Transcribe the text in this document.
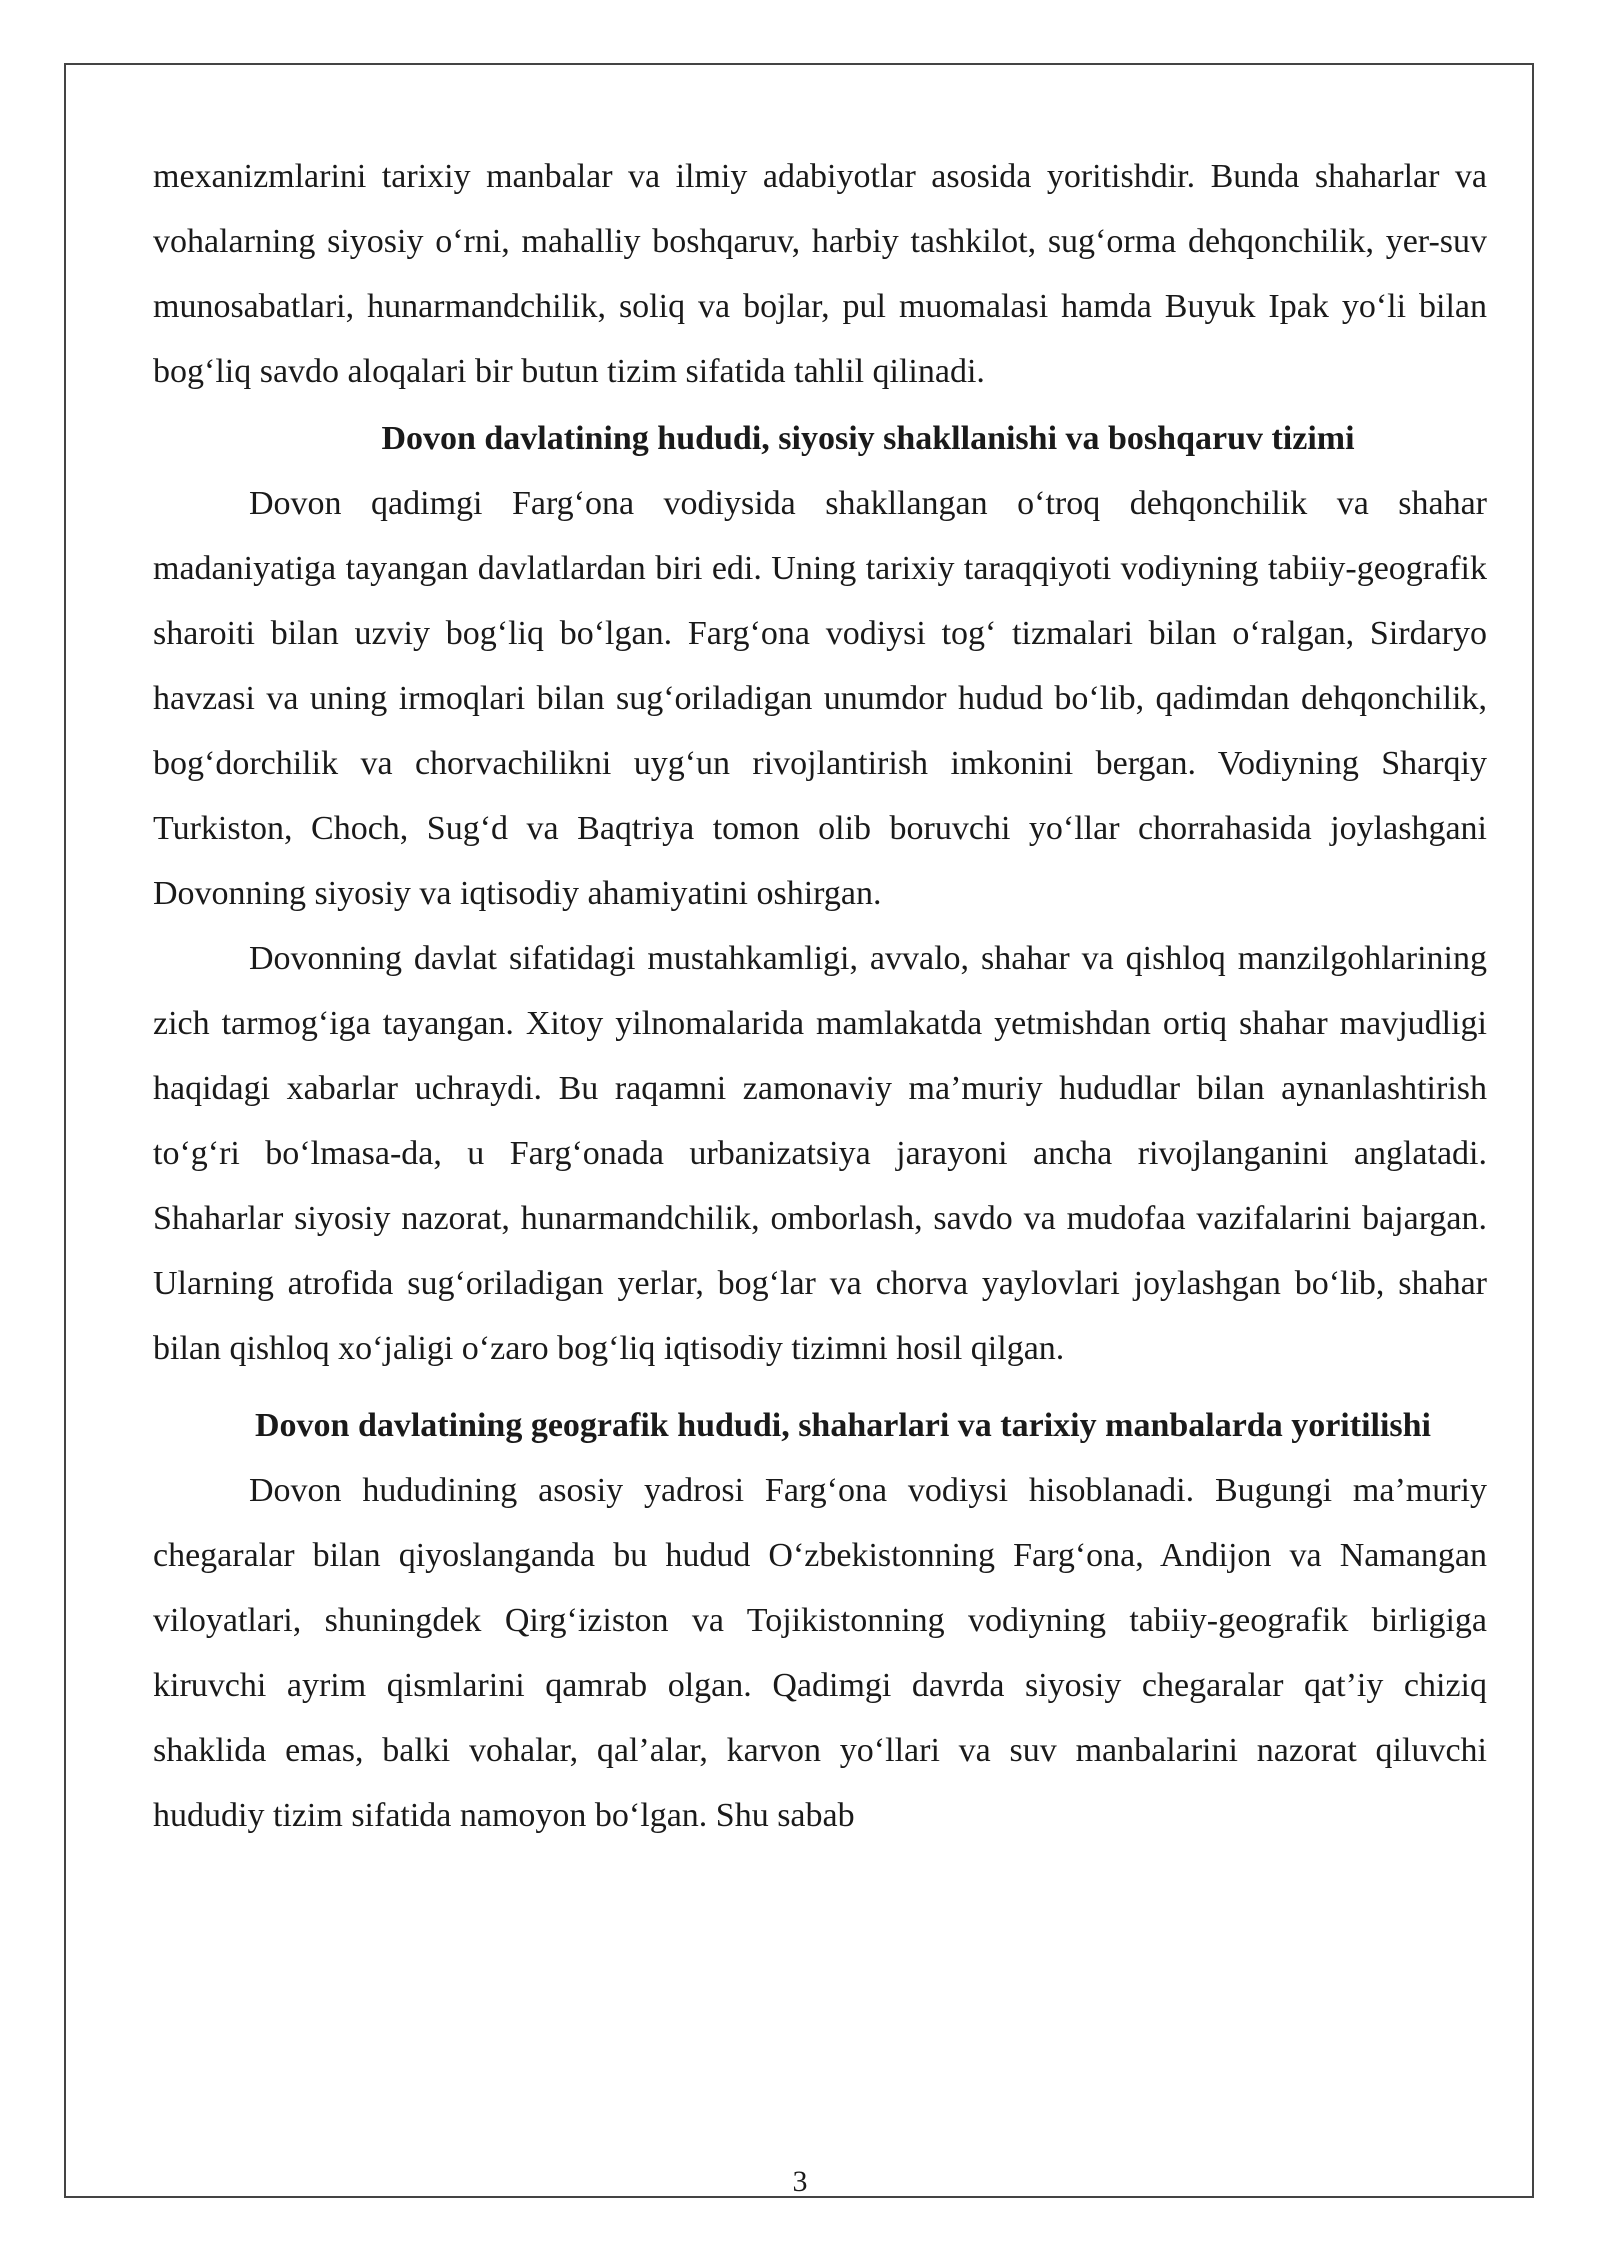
mexanizmlarini tarixiy manbalar va ilmiy adabiyotlar asosida yoritishdir. Bunda shaharlar va vohalarning siyosiy o‘rni, mahalliy boshqaruv, harbiy tashkilot, sug‘orma dehqonchilik, yer-suv munosabatlari, hunarmandchilik, soliq va bojlar, pul muomalasi hamda Buyuk Ipak yo‘li bilan bog‘liq savdo aloqalari bir butun tizim sifatida tahlil qilinadi.

Dovon davlatining hududi, siyosiy shakllanishi va boshqaruv tizimi

Dovon qadimgi Farg‘ona vodiysida shakllangan o‘troq dehqonchilik va shahar madaniyatiga tayangan davlatlardan biri edi. Uning tarixiy taraqqiyoti vodiyning tabiiy-geografik sharoiti bilan uzviy bog‘liq bo‘lgan. Farg‘ona vodiysi tog‘ tizmalari bilan o‘ralgan, Sirdaryo havzasi va uning irmoqlari bilan sug‘oriladigan unumdor hudud bo‘lib, qadimdan dehqonchilik, bog‘dorchilik va chorvachilikni uyg‘un rivojlantirish imkonini bergan. Vodiyning Sharqiy Turkiston, Choch, Sug‘d va Baqtriya tomon olib boruvchi yo‘llar chorrahasida joylashgani Dovonning siyosiy va iqtisodiy ahamiyatini oshirgan.

Dovonning davlat sifatidagi mustahkamligi, avvalo, shahar va qishloq manzilgohlarining zich tarmog‘iga tayangan. Xitoy yilnomalarida mamlakatda yetmishdan ortiq shahar mavjudligi haqidagi xabarlar uchraydi. Bu raqamni zamonaviy ma’muriy hududlar bilan aynanlashtirish to‘g‘ri bo‘lmasa-da, u Farg‘onada urbanizatsiya jarayoni ancha rivojlanganini anglatadi. Shaharlar siyosiy nazorat, hunarmandchilik, omborlash, savdo va mudofaa vazifalarini bajargan. Ularning atrofida sug‘oriladigan yerlar, bog‘lar va chorva yaylovlari joylashgan bo‘lib, shahar bilan qishloq xo‘jaligi o‘zaro bog‘liq iqtisodiy tizimni hosil qilgan.

Dovon davlatining geografik hududi, shaharlari va tarixiy manbalarda yoritilishi

Dovon hududining asosiy yadrosi Farg‘ona vodiysi hisoblanadi. Bugungi ma’muriy chegaralar bilan qiyoslanganda bu hudud O‘zbekistonning Farg‘ona, Andijon va Namangan viloyatlari, shuningdek Qirg‘iziston va Tojikistonning vodiyning tabiiy-geografik birligiga kiruvchi ayrim qismlarini qamrab olgan. Qadimgi davrda siyosiy chegaralar qat’iy chiziq shaklida emas, balki vohalar, qal’alar, karvon yo‘llari va suv manbalarini nazorat qiluvchi hududiy tizim sifatida namoyon bo‘lgan. Shu sabab

3
